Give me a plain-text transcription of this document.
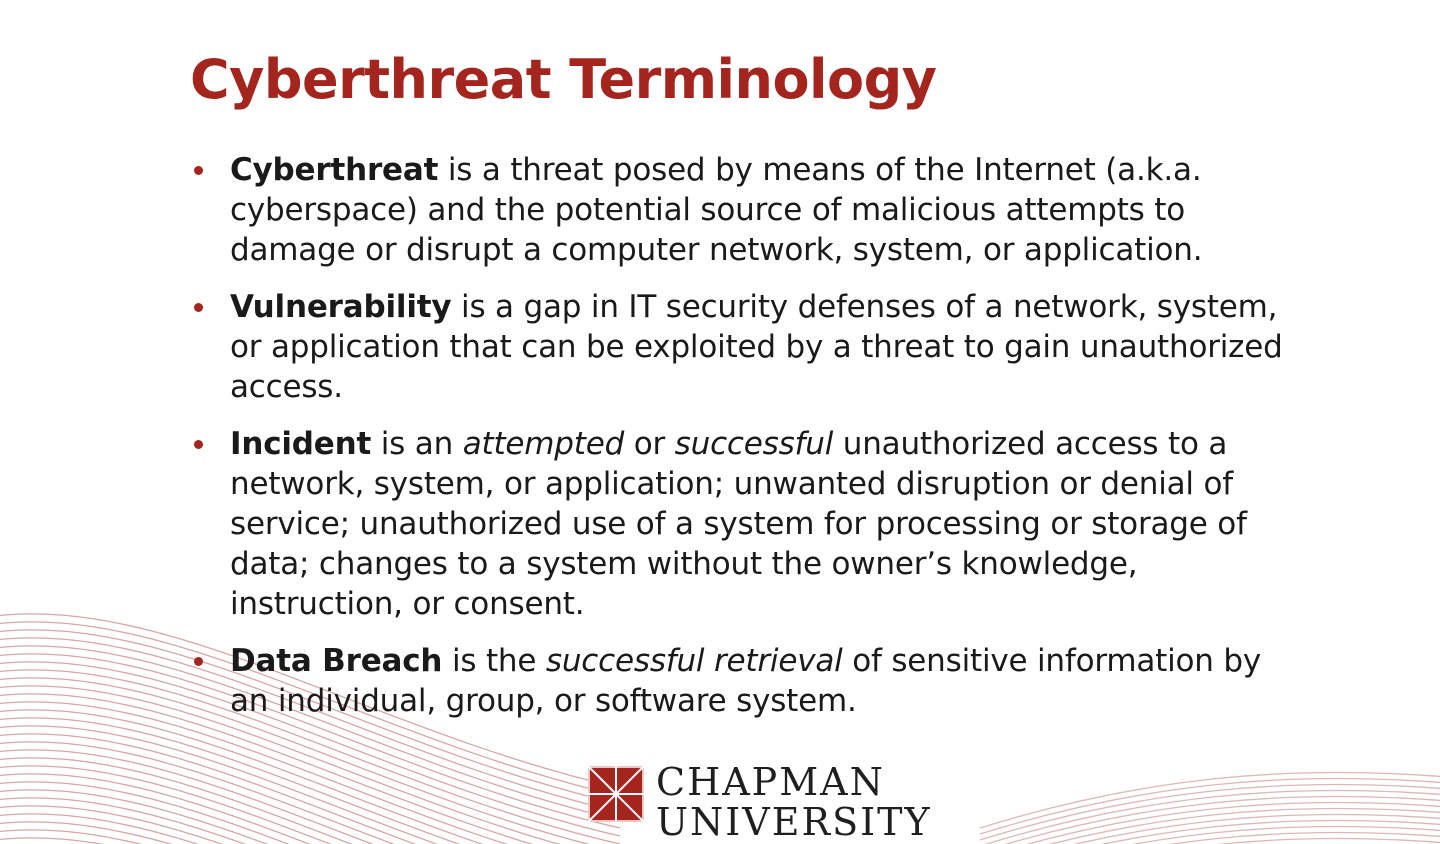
Cyberthreat Terminology
Cyberthreat is a threat posed by means of the Internet (a.k.a. cyberspace) and the potential source of malicious attempts to damage or disrupt a computer network, system, or application.
Vulnerability is a gap in IT security defenses of a network, system, or application that can be exploited by a threat to gain unauthorized access.
Incident is an attempted or successful unauthorized access to a network, system, or application; unwanted disruption or denial of service; unauthorized use of a system for processing or storage of data; changes to a system without the owner’s knowledge, instruction, or consent.
Data Breach is the successful retrieval of sensitive information by an individual, group, or software system.
CHAPMAN
UNIVERSITY
